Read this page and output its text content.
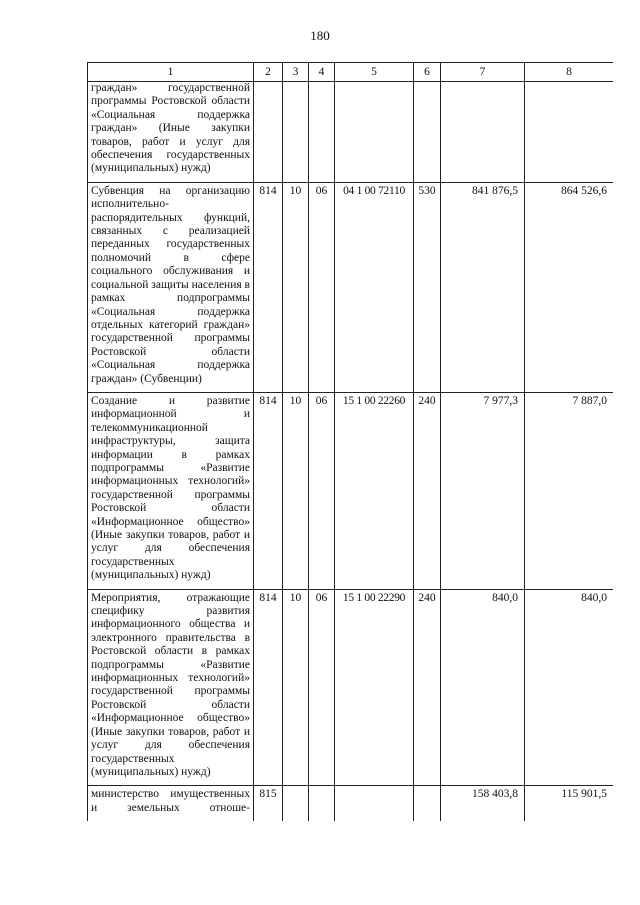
180
1	2	3	4	5	6	7	8
граждан» государственной программы Ростовской области «Социальная поддержка граждан» (Иные закупки товаров, работ и услуг для обеспечения государственных (муниципальных) нужд)							
Субвенция на организацию исполнительно-распорядительных функций, связанных с реализацией переданных государственных полномочий в сфере социального обслуживания и социальной защиты населения в рамках подпрограммы «Социальная поддержка отдельных категорий граждан» государственной программы Ростовской области «Социальная поддержка граждан» (Субвенции)	814	10	06	04 1 00 72110	530	841 876,5	864 526,6
Создание и развитие информационной и телекоммуникационной инфраструктуры, защита информации в рамках подпрограммы «Развитие информационных технологий» государственной программы Ростовской области «Информационное общество» (Иные закупки товаров, работ и услуг для обеспечения государственных (муниципальных) нужд)	814	10	06	15 1 00 22260	240	7 977,3	7 887,0
Мероприятия, отражающие специфику развития информационного общества и электронного правительства в Ростовской области в рамках подпрограммы «Развитие информационных технологий» государственной программы Ростовской области «Информационное общество» (Иные закупки товаров, работ и услуг для обеспечения государственных (муниципальных) нужд)	814	10	06	15 1 00 22290	240	840,0	840,0
министерство имущественных и земельных отноше-	815					158 403,8	115 901,5
